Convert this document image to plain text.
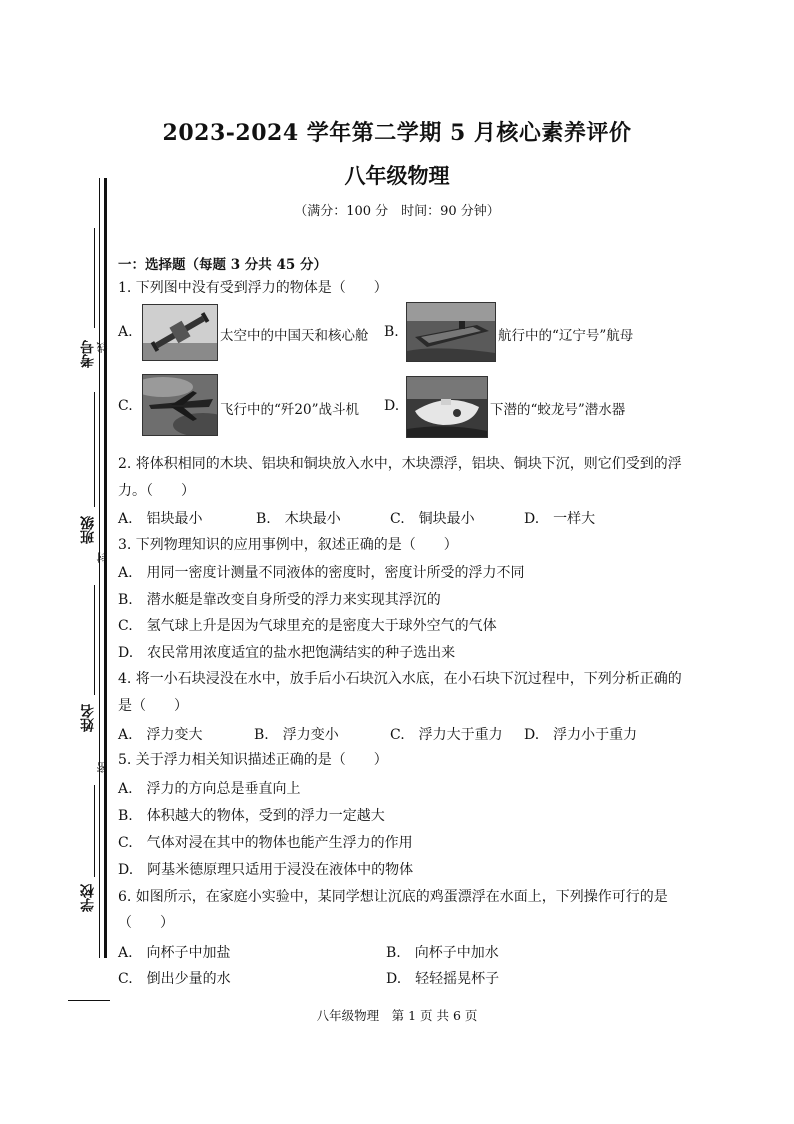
2023-2024 学年第二学期 5 月核心素养评价
八年级物理
（满分：100 分　时间：90 分钟）
考号 线
班级
封
姓名
密
学校
一：选择题（每题 3 分共 45 分）
1. 下列图中没有受到浮力的物体是（　　）
A.	太空中的中国天和核心舱 B.	航行中的“辽宁号”航母
C.	飞行中的“歼20”战斗机 D.	下潜的“蛟龙号”潜水器
2. 将体积相同的木块、铝块和铜块放入水中，木块漂浮，铝块、铜块下沉，则它们受到的浮
力。（　　）
A.　铝块最小	B.　木块最小	C.　铜块最小	D.　一样大
3. 下列物理知识的应用事例中，叙述正确的是（　　）
A.　用同一密度计测量不同液体的密度时，密度计所受的浮力不同
B.　潜水艇是靠改变自身所受的浮力来实现其浮沉的
C.　氢气球上升是因为气球里充的是密度大于球外空气的气体
D.　农民常用浓度适宜的盐水把饱满结实的种子选出来
4. 将一小石块浸没在水中，放手后小石块沉入水底，在小石块下沉过程中，下列分析正确的
是（　　）
A.　浮力变大	B.　浮力变小	C.　浮力大于重力 D.　浮力小于重力
5. 关于浮力相关知识描述正确的是（　　）
A.　浮力的方向总是垂直向上
B.　体积越大的物体，受到的浮力一定越大
C.　气体对浸在其中的物体也能产生浮力的作用
D.　阿基米德原理只适用于浸没在液体中的物体
6. 如图所示，在家庭小实验中，某同学想让沉底的鸡蛋漂浮在水面上，下列操作可行的是
（　　）
A.　向杯子中加盐	B.　向杯子中加水
C.　倒出少量的水	D.　轻轻摇晃杯子
八年级物理　第 1 页 共 6 页
